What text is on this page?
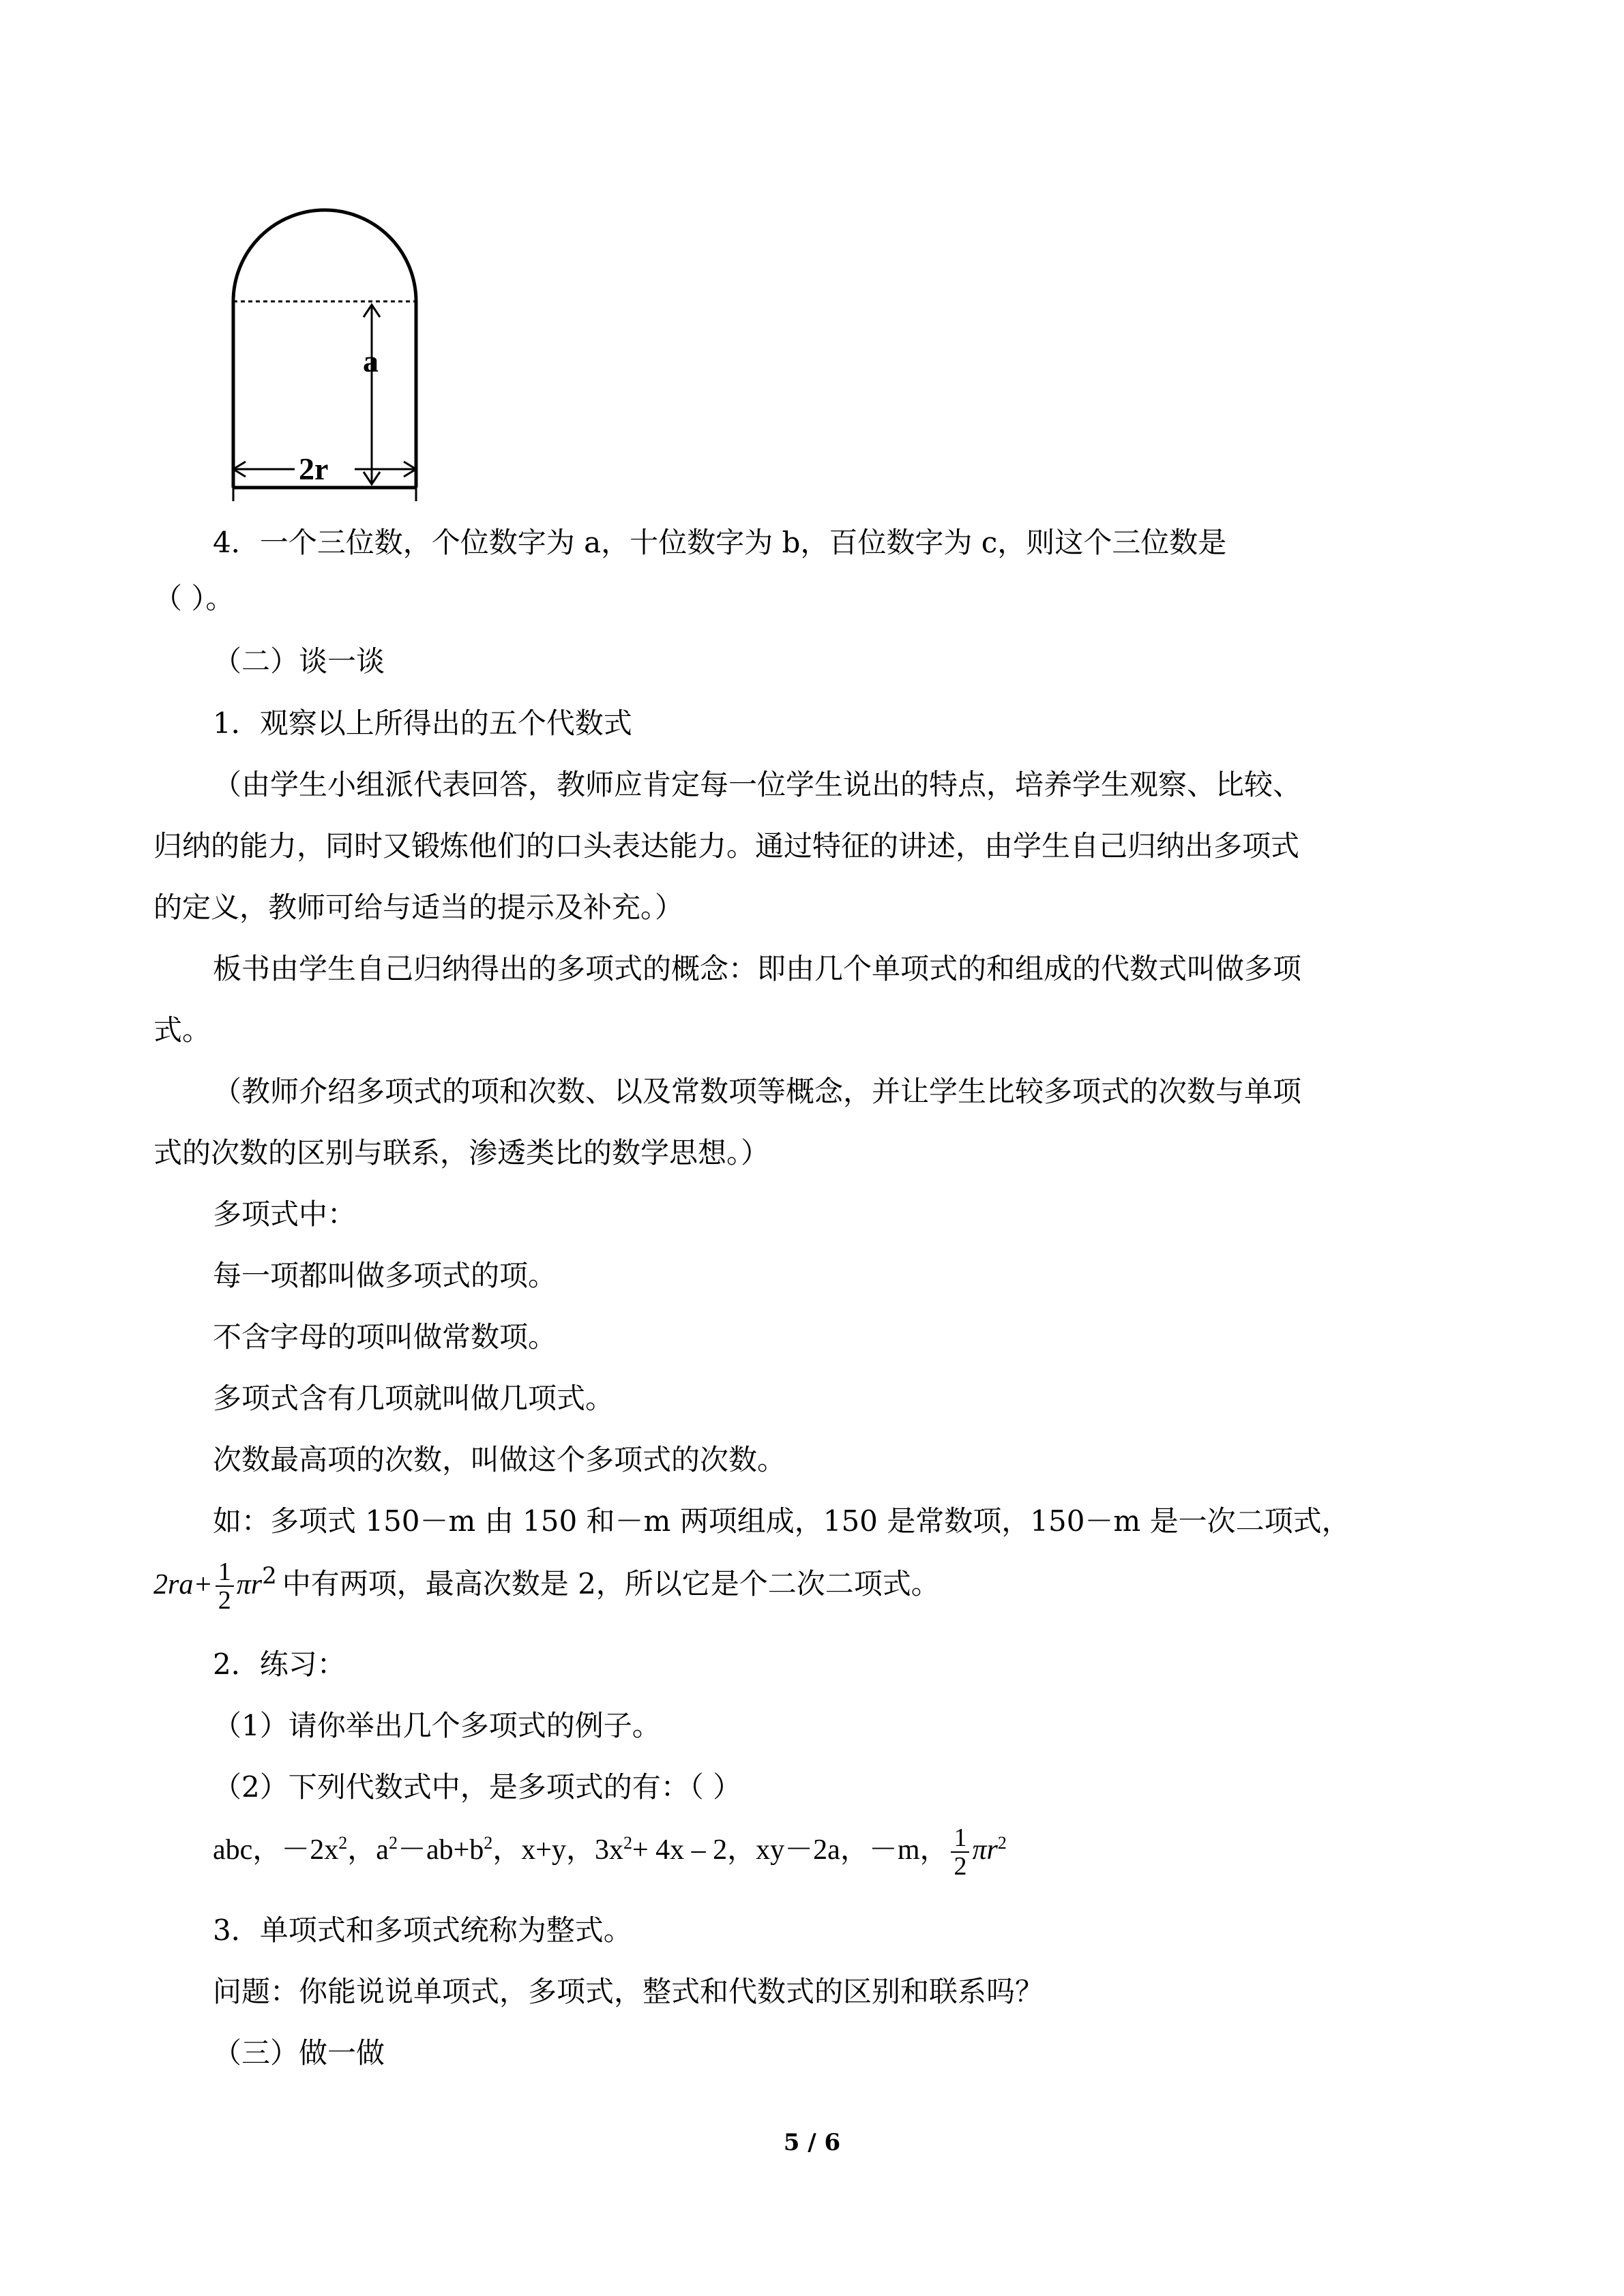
a
2r
4．一个三位数，个位数字为 a，十位数字为 b，百位数字为 c，则这个三位数是
（ ）。
（二）谈一谈
1．观察以上所得出的五个代数式
（由学生小组派代表回答，教师应肯定每一位学生说出的特点，培养学生观察、比较、
归纳的能力，同时又锻炼他们的口头表达能力。通过特征的讲述，由学生自己归纳出多项式
的定义，教师可给与适当的提示及补充。）
板书由学生自己归纳得出的多项式的概念：即由几个单项式的和组成的代数式叫做多项
式。
（教师介绍多项式的项和次数、以及常数项等概念，并让学生比较多项式的次数与单项
式的次数的区别与联系，渗透类比的数学思想。）
多项式中：
每一项都叫做多项式的项。
不含字母的项叫做常数项。
多项式含有几项就叫做几项式。
次数最高项的次数，叫做这个多项式的次数。
如：多项式 150－m 由 150 和－m 两项组成，150 是常数项，150－m 是一次二项式，
$2ra+ \frac{1}{2} \pi r^2$ 中有两项，最高次数是 2，所以它是个二次二项式。
2．练习：
（1）请你举出几个多项式的例子。
（2）下列代数式中，是多项式的有：（ ）
abc，$-2x^2$，$a^2-ab+b^2$，x+y，$3x^2+ 4x - 2$，xy－2a，－m， $\frac{1}{2} \pi r^2$
3．单项式和多项式统称为整式。
问题：你能说说单项式，多项式，整式和代数式的区别和联系吗？
（三）做一做
5 / 6
